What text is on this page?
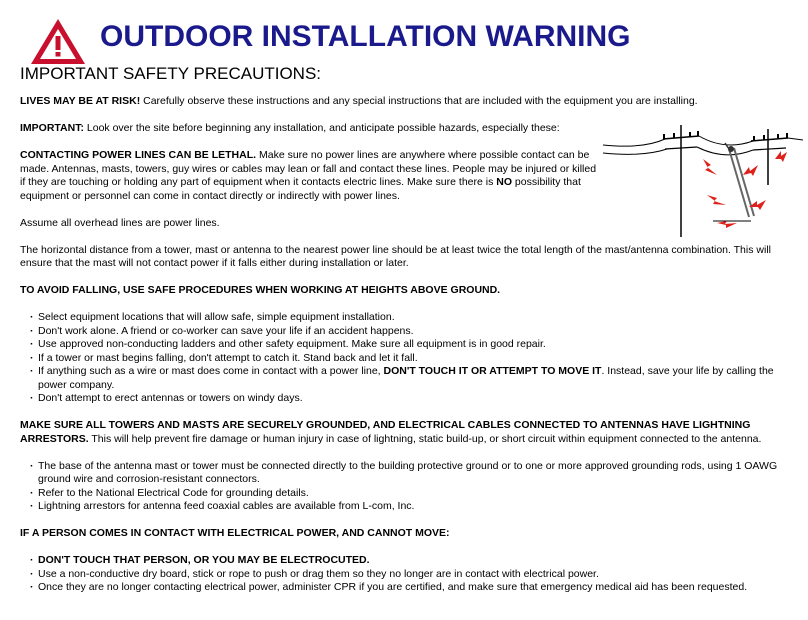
OUTDOOR INSTALLATION WARNING
IMPORTANT SAFETY PRECAUTIONS:

LIVES MAY BE AT RISK! Carefully observe these instructions and any special instructions that are included with the equipment you are installing.

IMPORTANT: Look over the site before beginning any installation, and anticipate possible hazards, especially these:

CONTACTING POWER LINES CAN BE LETHAL. Make sure no power lines are anywhere where possible contact can be made. Antennas, masts, towers, guy wires or cables may lean or fall and contact these lines. People may be injured or killed if they are touching or holding any part of equipment when it contacts electric lines. Make sure there is NO possibility that equipment or personnel can come in contact directly or indirectly with power lines.

Assume all overhead lines are power lines.

The horizontal distance from a tower, mast or antenna to the nearest power line should be at least twice the total length of the mast/antenna combination. This will ensure that the mast will not contact power if it falls either during installation or later.

TO AVOID FALLING, USE SAFE PROCEDURES WHEN WORKING AT HEIGHTS ABOVE GROUND.

· Select equipment locations that will allow safe, simple equipment installation.
· Don't work alone. A friend or co-worker can save your life if an accident happens.
· Use approved non-conducting ladders and other safety equipment. Make sure all equipment is in good repair.
· If a tower or mast begins falling, don't attempt to catch it. Stand back and let it fall.
· If anything such as a wire or mast does come in contact with a power line, DON'T TOUCH IT OR ATTEMPT TO MOVE IT. Instead, save your life by calling the power company.
· Don't attempt to erect antennas or towers on windy days.

MAKE SURE ALL TOWERS AND MASTS ARE SECURELY GROUNDED, AND ELECTRICAL CABLES CONNECTED TO ANTENNAS HAVE LIGHTNING ARRESTORS. This will help prevent fire damage or human injury in case of lightning, static build-up, or short circuit within equipment connected to the antenna.

· The base of the antenna mast or tower must be connected directly to the building protective ground or to one or more approved grounding rods, using 1 OAWG ground wire and corrosion-resistant connectors.
· Refer to the National Electrical Code for grounding details.
· Lightning arrestors for antenna feed coaxial cables are available from L-com, Inc.

IF A PERSON COMES IN CONTACT WITH ELECTRICAL POWER, AND CANNOT MOVE:

· DON'T TOUCH THAT PERSON, OR YOU MAY BE ELECTROCUTED.
· Use a non-conductive dry board, stick or rope to push or drag them so they no longer are in contact with electrical power.
· Once they are no longer contacting electrical power, administer CPR if you are certified, and make sure that emergency medical aid has been requested.
